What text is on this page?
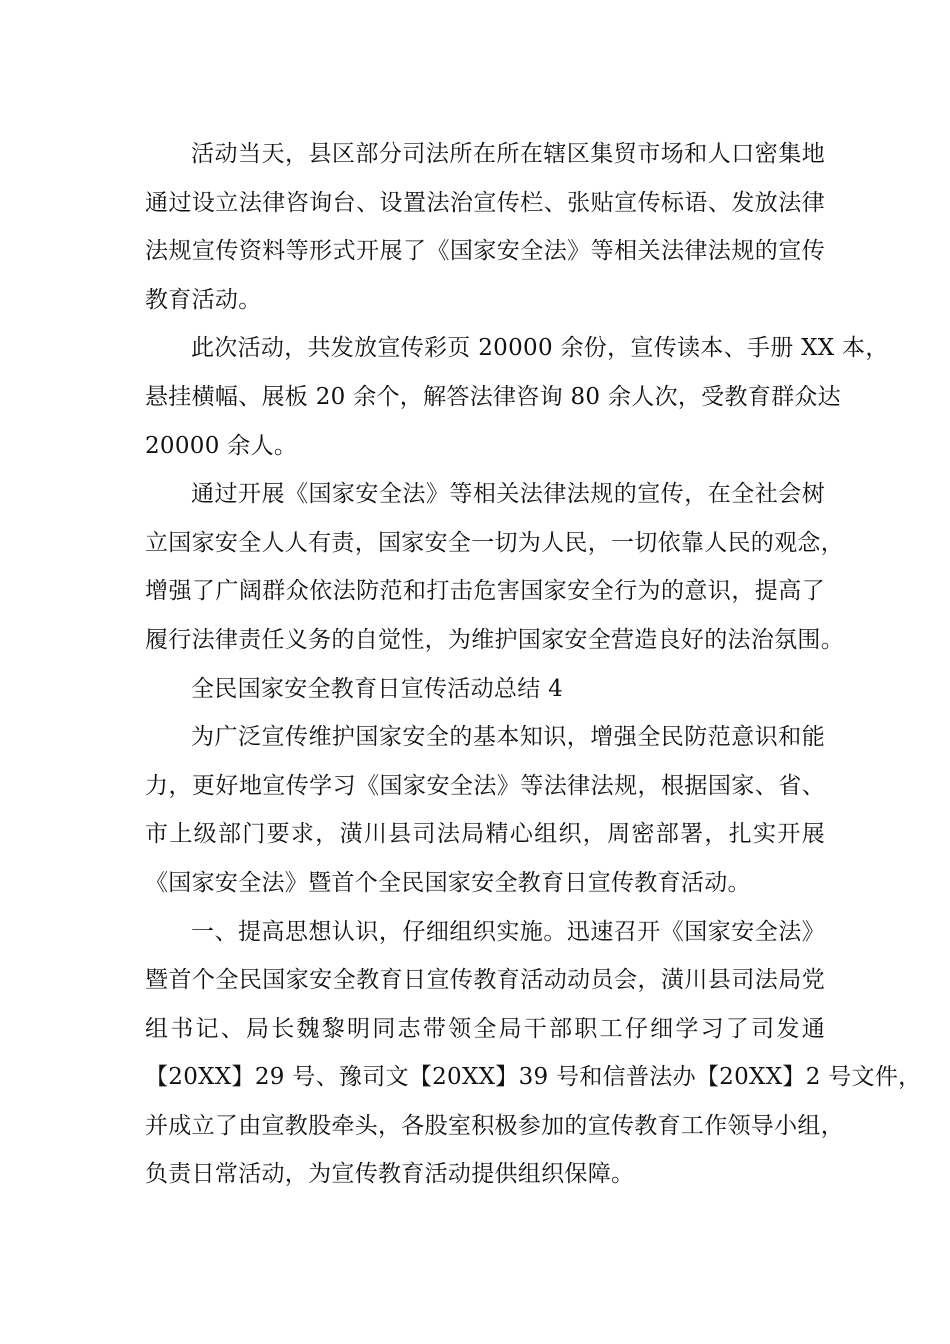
活动当天，县区部分司法所在所在辖区集贸市场和人口密集地
通过设立法律咨询台、设置法治宣传栏、张贴宣传标语、发放法律
法规宣传资料等形式开展了《国家安全法》等相关法律法规的宣传
教育活动。

此次活动，共发放宣传彩页 20000 余份，宣传读本、手册 XX 本，
悬挂横幅、展板 20 余个，解答法律咨询 80 余人次，受教育群众达
20000 余人。

通过开展《国家安全法》等相关法律法规的宣传，在全社会树
立国家安全人人有责，国家安全一切为人民，一切依靠人民的观念，
增强了广阔群众依法防范和打击危害国家安全行为的意识，提高了
履行法律责任义务的自觉性，为维护国家安全营造良好的法治氛围。

全民国家安全教育日宣传活动总结 4

为广泛宣传维护国家安全的基本知识，增强全民防范意识和能
力，更好地宣传学习《国家安全法》等法律法规，根据国家、省、
市上级部门要求，潢川县司法局精心组织，周密部署，扎实开展
《国家安全法》暨首个全民国家安全教育日宣传教育活动。

一、提高思想认识，仔细组织实施。迅速召开《国家安全法》
暨首个全民国家安全教育日宣传教育活动动员会，潢川县司法局党
组书记、局长魏黎明同志带领全局干部职工仔细学习了司发通
【20XX】29 号、豫司文【20XX】39 号和信普法办【20XX】2 号文件，
并成立了由宣教股牵头，各股室积极参加的宣传教育工作领导小组，
负责日常活动，为宣传教育活动提供组织保障。
